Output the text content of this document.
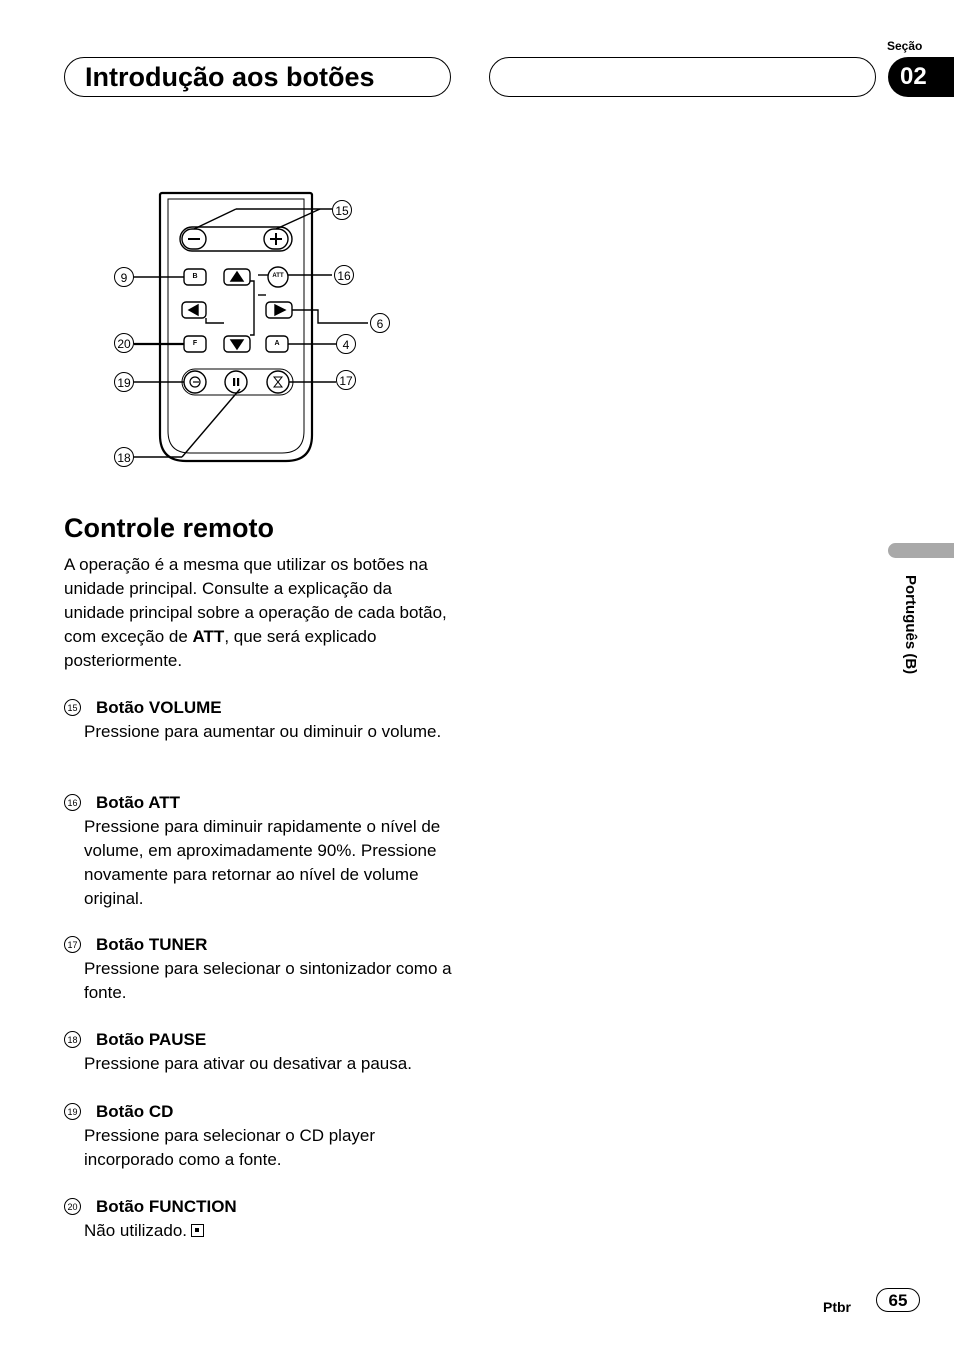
Introdução aos botões
Seção
02
Português (B)
B	ATT
F	A
15
9	16
6
20	4
19	17
18
Controle remoto
A operação é a mesma que utilizar os botões na unidade principal. Consulte a explicação da unidade principal sobre a operação de cada botão, com exceção de ATT, que será explicado posteriormente.
15 Botão VOLUME
Pressione para aumentar ou diminuir o volume.
16 Botão ATT
Pressione para diminuir rapidamente o nível de volume, em aproximadamente 90%. Pressione novamente para retornar ao nível de volume original.
17 Botão TUNER
Pressione para selecionar o sintonizador como a fonte.
18 Botão PAUSE
Pressione para ativar ou desativar a pausa.
19 Botão CD
Pressione para selecionar o CD player incorporado como a fonte.
20 Botão FUNCTION
Não utilizado.
Ptbr	65
